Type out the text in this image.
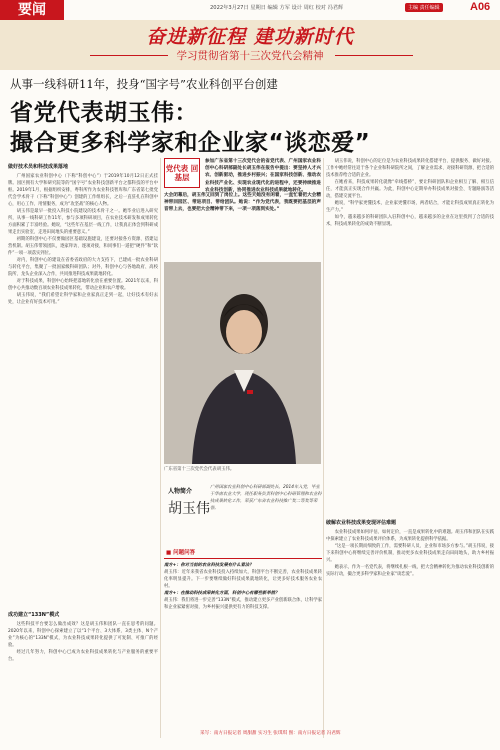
要闻	2022年3月27日 星期日 编辑 方军 设计 周红 校对 冯君辉	主编 责任编辑	A06
奋进新征程 建功新时代
学习贯彻省第十三次党代会精神
从事一线科研11年，投身“国字号”农业科创平台创建
省党代表胡玉伟：
撮合更多科学家和企业家“谈恋爱”
做好技术员和科技成果落地

广州国家农业科创中心（下称“科创中心”）于2019年10月12日正式挂牌。园区拥有大学和研究院等的“国字号”农业科技创新平台之都科技的平台中枢。2019年1月，根据组织安排，粤科所作为农业科技智库和广东省第七批党代会学术骨干（下称“科创中心”）创建的工作组组长，之后一直驻扎在科创中心，用心工作、用情服务，成为“攻坚战”的核心人物。

胡玉伟是最早一批投入科技小院建设的技术骨干之一。她毕业后进入研究所，从事一线科研工作11年，参与多项科研项目，在农业技术研发和成果转化方面积累了丰富经验。她说，“这些年在基层一线工作，让我真正体会到科研成果走出实验室、走进田间地头的重要意义。”

初期的科创中心不仅要做园区基础设施建设，还要对接各方资源、搭建运营机制。胡玉伟带领团队，逐家拜访、逐项对接，和同事们一道把“硬件”和“软件”一项一项落实到位。

对内，科创中心的建设在省委省政府的大力支持下，已建成一批农业科研与转化平台，集聚了一批国家级科研团队；对外，科创中心与各地政府、高校院所、龙头企业深入合作，共同推进科技成果就地转化。

对于科技成果，科创中心始终把落地转化放在重要位置。2021年以来，科创中心共推动数百项农业科技成果转化，带动企业和农户增收。

胡玉伟说，“我们希望让科学家和企业家真正走到一起，让好技术有好去处，让企业有好技术可用。”

成功建立“133N”模式

这些科技平台要怎么做出成效？这是胡玉伟和团队一直在思考的问题。2020年以来，科创中心探索建立了以“1个平台、3大体系、3类主体、N个产业”为核心的“133N”模式，为农业科技成果转化提供了可复制、可推广的经验。

经过几年努力，科创中心已成为农业科技成果转化与产业服务的重要平台。

党代表 回基层
参加广东省第十三次党代会的省党代表、广州国家农业科创中心科研部副处长胡玉伟在报告中提出：要坚持人才兴农、创新驱动，推进乡村振兴；在国家科技创新、推动农业科技产业化、实现农业现代化的进程中，还要持续推进农业科技创新，协同推进农业科技成果就地转化。
大会闭幕后，胡玉伟又回到了岗位上。这些天她没有闲着，一直忙着把大会精神带回园区、带进项目、带给团队。她说：“作为党代表，我既要把基层的声音带上去，也要把大会精神带下来，一项一项落到实处。”
广东省第十三次党代会代表胡玉伟。
人物简介
胡玉伟
广州国家农业科创中心科研部副处长，2014年入党，毕业于华南农业大学，现任职务负责科创中心科研管理和农业科技成果转化工作，荣获广东省农业科技推广奖二等奖等荣誉。
■ 问题问答
南方+：你对当前的农业科技发展有什么看法？
胡玉伟：近年来我省农业科技投入持续加大，科创平台不断完善，农业科技成果转化率明显提升。下一步要继续做好科技成果就地转化，让更多好技术服务农业农村。
南方+：在推动科技成果转化方面，科创中心有哪些新举措？
胡玉伟：我们将进一步完善“133N”模式，推动建立更多产业创新联合体，让科学家和企业家紧密对接，为乡村振兴提供更有力的科技支撑。

胡玉伟说，科创中心的定位是为农业科技成果转化搭建平台、提供服务、做好对接。工作中她经常往返于各个企业和科研院所之间，了解企业需求、对接科研资源，把合适的技术推荐给合适的企业。

在她看来，科技成果转化就像“牵线搭桥”，要让科研团队和企业相互了解、相互信任，才能真正实现合作共赢。为此，科创中心定期举办科技成果对接会、专题路演等活动，搭建交流平台。

她说，“科学家更懂技术，企业家更懂市场，两者结合，才能让科技成果真正转化为生产力。”

如今，越来越多的科研团队入驻科创中心，越来越多的企业在这里找到了合适的技术，科技成果转化的成效不断显现。

破解农业科技成果变现评估难题

农业科技成果如何评估、如何定价，一直是成果转化中的难题。胡玉伟和团队在实践中探索建立了农业科技成果评价体系，为成果转化提供科学依据。

“这是一项长期而细致的工作，需要科研人员、企业和市场多方参与。”胡玉伟说，接下来科创中心将继续完善评价机制，推动更多农业科技成果走向田间地头，助力乡村振兴。

她表示，作为一名党代表，将继续扎根一线，把大会精神转化为推动农业科技创新的实际行动，撮合更多科学家和企业家“谈恋爱”。

采写：南方日报记者 周甜甜 实习生 张琪琪 图：南方日报记者 冯君辉
